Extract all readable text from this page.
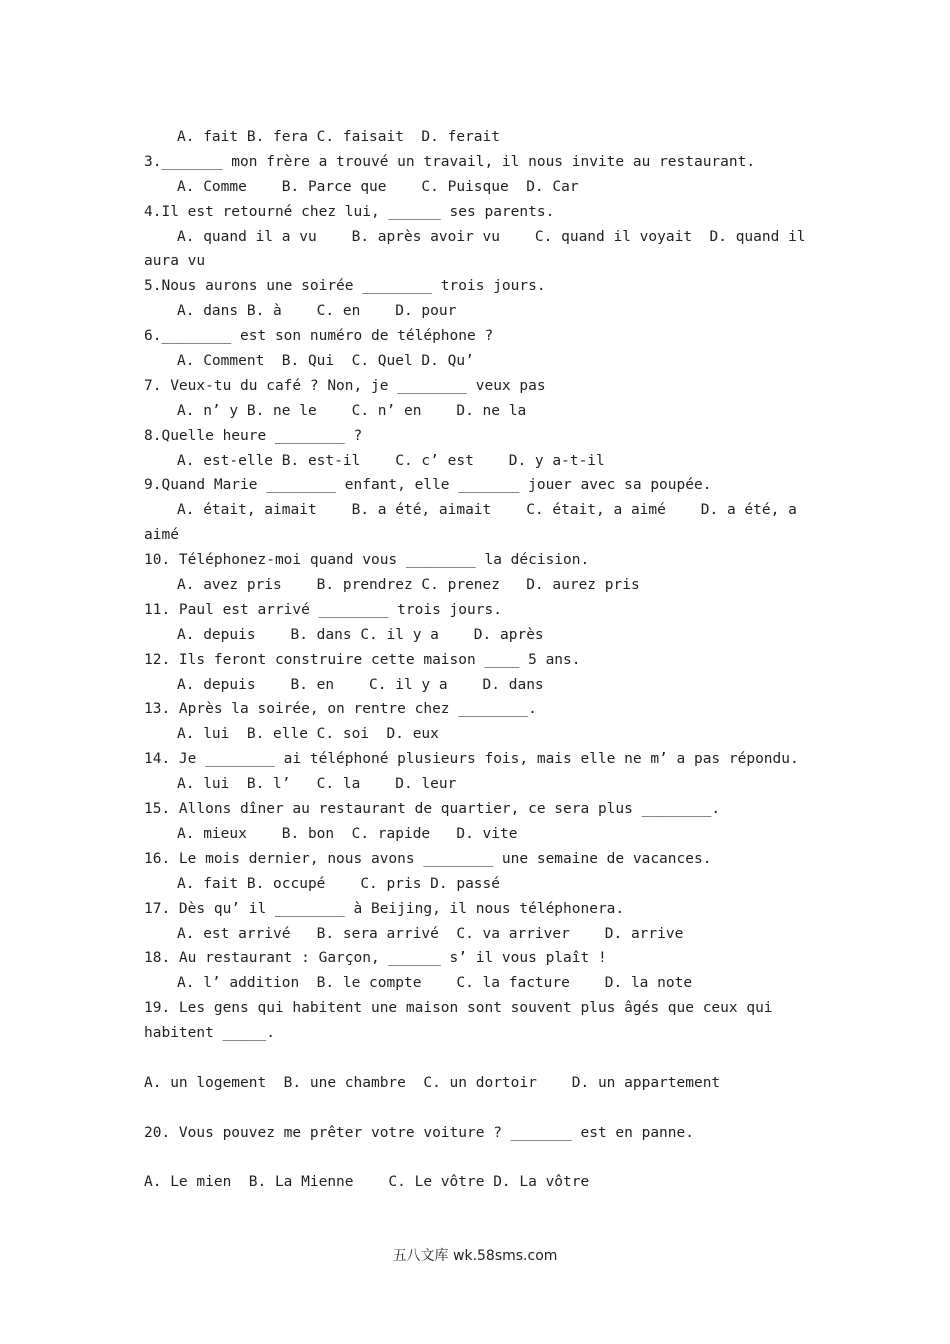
A. fait B. fera C. faisait  D. ferait
3._______ mon frère a trouvé un travail, il nous invite au restaurant.
A. Comme    B. Parce que    C. Puisque  D. Car
4.Il est retourné chez lui, ______ ses parents.
A. quand il a vu    B. après avoir vu    C. quand il voyait  D. quand il
aura vu
5.Nous aurons une soirée ________ trois jours.
A. dans B. à    C. en    D. pour
6.________ est son numéro de téléphone ?
A. Comment  B. Qui  C. Quel D. Qu’
7. Veux-tu du café ? Non, je ________ veux pas
A. n’ y B. ne le    C. n’ en    D. ne la
8.Quelle heure ________ ?
A. est-elle B. est-il    C. c’ est    D. y a-t-il
9.Quand Marie ________ enfant, elle _______ jouer avec sa poupée.
A. était, aimait    B. a été, aimait    C. était, a aimé    D. a été, a
aimé
10. Téléphonez-moi quand vous ________ la décision.
A. avez pris    B. prendrez C. prenez   D. aurez pris
11. Paul est arrivé ________ trois jours.
A. depuis    B. dans C. il y a    D. après
12. Ils feront construire cette maison ____ 5 ans.
A. depuis    B. en    C. il y a    D. dans
13. Après la soirée, on rentre chez ________.
A. lui  B. elle C. soi  D. eux
14. Je ________ ai téléphoné plusieurs fois, mais elle ne m’ a pas répondu.
A. lui  B. l’   C. la    D. leur
15. Allons dîner au restaurant de quartier, ce sera plus ________.
A. mieux    B. bon  C. rapide   D. vite
16. Le mois dernier, nous avons ________ une semaine de vacances.
A. fait B. occupé    C. pris D. passé
17. Dès qu’ il ________ à Beijing, il nous téléphonera.
A. est arrivé   B. sera arrivé  C. va arriver    D. arrive
18. Au restaurant : Garçon, ______ s’ il vous plaît !
A. l’ addition  B. le compte    C. la facture    D. la note
19. Les gens qui habitent une maison sont souvent plus âgés que ceux qui
habitent _____.
A. un logement  B. une chambre  C. un dortoir    D. un appartement
20. Vous pouvez me prêter votre voiture ? _______ est en panne.
A. Le mien  B. La Mienne    C. Le vôtre D. La vôtre
五八文库 wk.58sms.com
